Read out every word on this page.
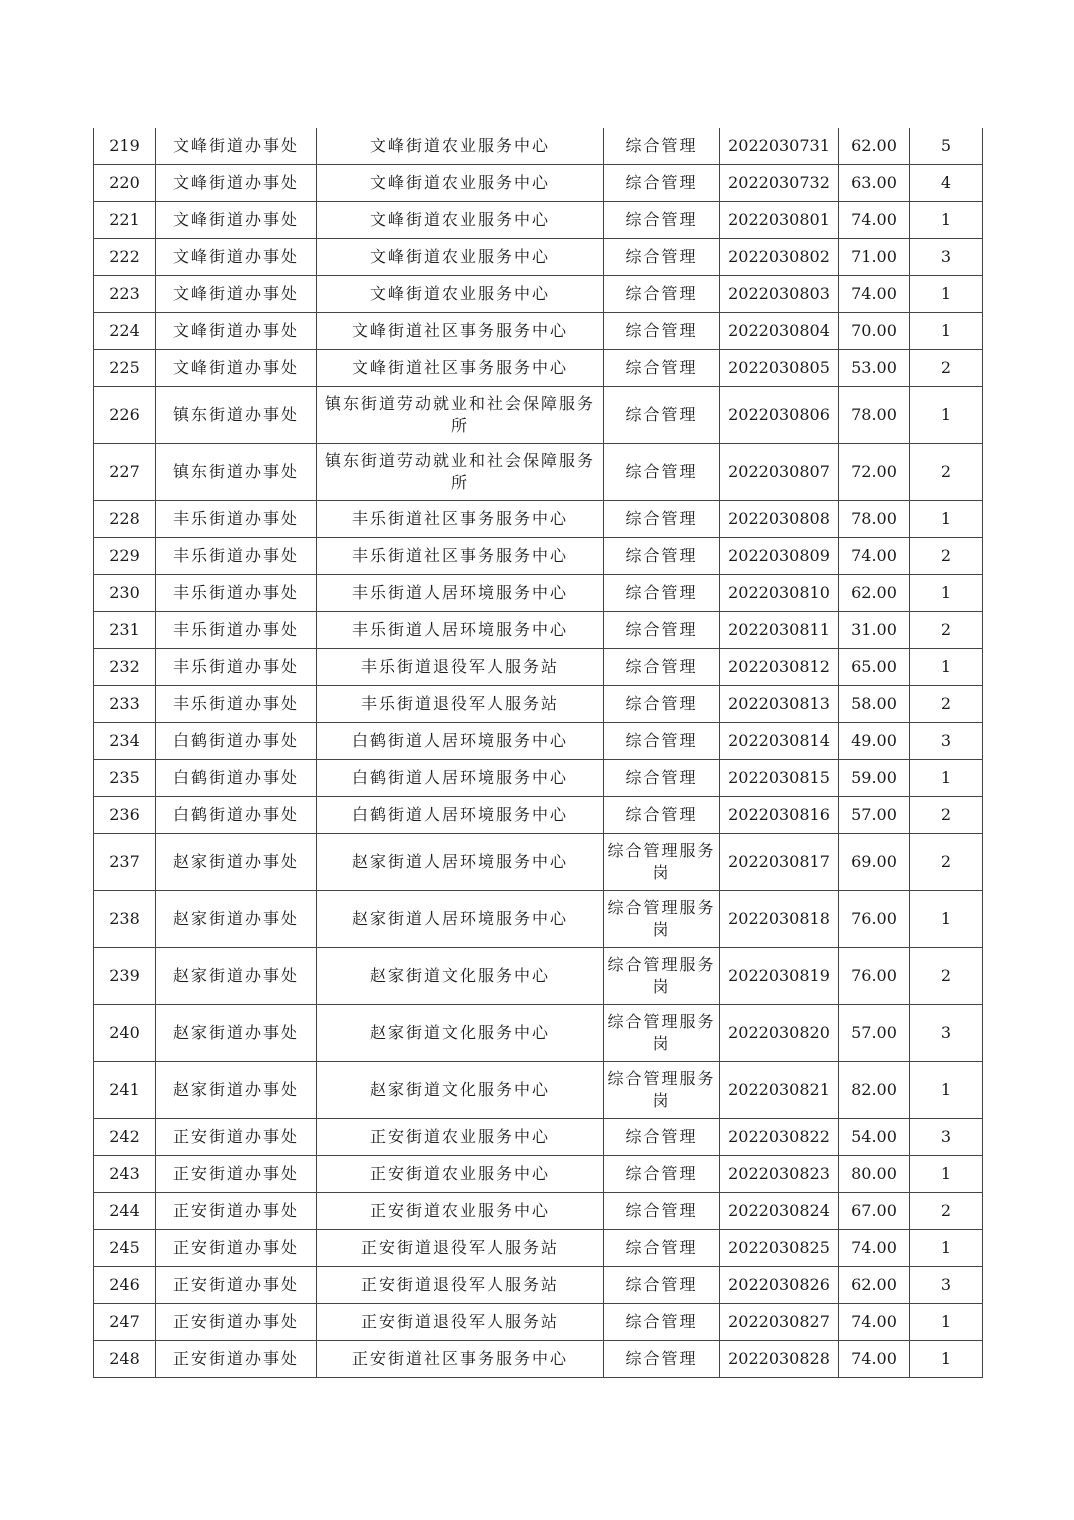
219	文峰街道办事处	文峰街道农业服务中心	综合管理	2022030731	62.00	5
220	文峰街道办事处	文峰街道农业服务中心	综合管理	2022030732	63.00	4
221	文峰街道办事处	文峰街道农业服务中心	综合管理	2022030801	74.00	1
222	文峰街道办事处	文峰街道农业服务中心	综合管理	2022030802	71.00	3
223	文峰街道办事处	文峰街道农业服务中心	综合管理	2022030803	74.00	1
224	文峰街道办事处	文峰街道社区事务服务中心	综合管理	2022030804	70.00	1
225	文峰街道办事处	文峰街道社区事务服务中心	综合管理	2022030805	53.00	2
226	镇东街道办事处	镇东街道劳动就业和社会保障服务所	综合管理	2022030806	78.00	1
227	镇东街道办事处	镇东街道劳动就业和社会保障服务所	综合管理	2022030807	72.00	2
228	丰乐街道办事处	丰乐街道社区事务服务中心	综合管理	2022030808	78.00	1
229	丰乐街道办事处	丰乐街道社区事务服务中心	综合管理	2022030809	74.00	2
230	丰乐街道办事处	丰乐街道人居环境服务中心	综合管理	2022030810	62.00	1
231	丰乐街道办事处	丰乐街道人居环境服务中心	综合管理	2022030811	31.00	2
232	丰乐街道办事处	丰乐街道退役军人服务站	综合管理	2022030812	65.00	1
233	丰乐街道办事处	丰乐街道退役军人服务站	综合管理	2022030813	58.00	2
234	白鹤街道办事处	白鹤街道人居环境服务中心	综合管理	2022030814	49.00	3
235	白鹤街道办事处	白鹤街道人居环境服务中心	综合管理	2022030815	59.00	1
236	白鹤街道办事处	白鹤街道人居环境服务中心	综合管理	2022030816	57.00	2
237	赵家街道办事处	赵家街道人居环境服务中心	综合管理服务岗	2022030817	69.00	2
238	赵家街道办事处	赵家街道人居环境服务中心	综合管理服务岗	2022030818	76.00	1
239	赵家街道办事处	赵家街道文化服务中心	综合管理服务岗	2022030819	76.00	2
240	赵家街道办事处	赵家街道文化服务中心	综合管理服务岗	2022030820	57.00	3
241	赵家街道办事处	赵家街道文化服务中心	综合管理服务岗	2022030821	82.00	1
242	正安街道办事处	正安街道农业服务中心	综合管理	2022030822	54.00	3
243	正安街道办事处	正安街道农业服务中心	综合管理	2022030823	80.00	1
244	正安街道办事处	正安街道农业服务中心	综合管理	2022030824	67.00	2
245	正安街道办事处	正安街道退役军人服务站	综合管理	2022030825	74.00	1
246	正安街道办事处	正安街道退役军人服务站	综合管理	2022030826	62.00	3
247	正安街道办事处	正安街道退役军人服务站	综合管理	2022030827	74.00	1
248	正安街道办事处	正安街道社区事务服务中心	综合管理	2022030828	74.00	1
